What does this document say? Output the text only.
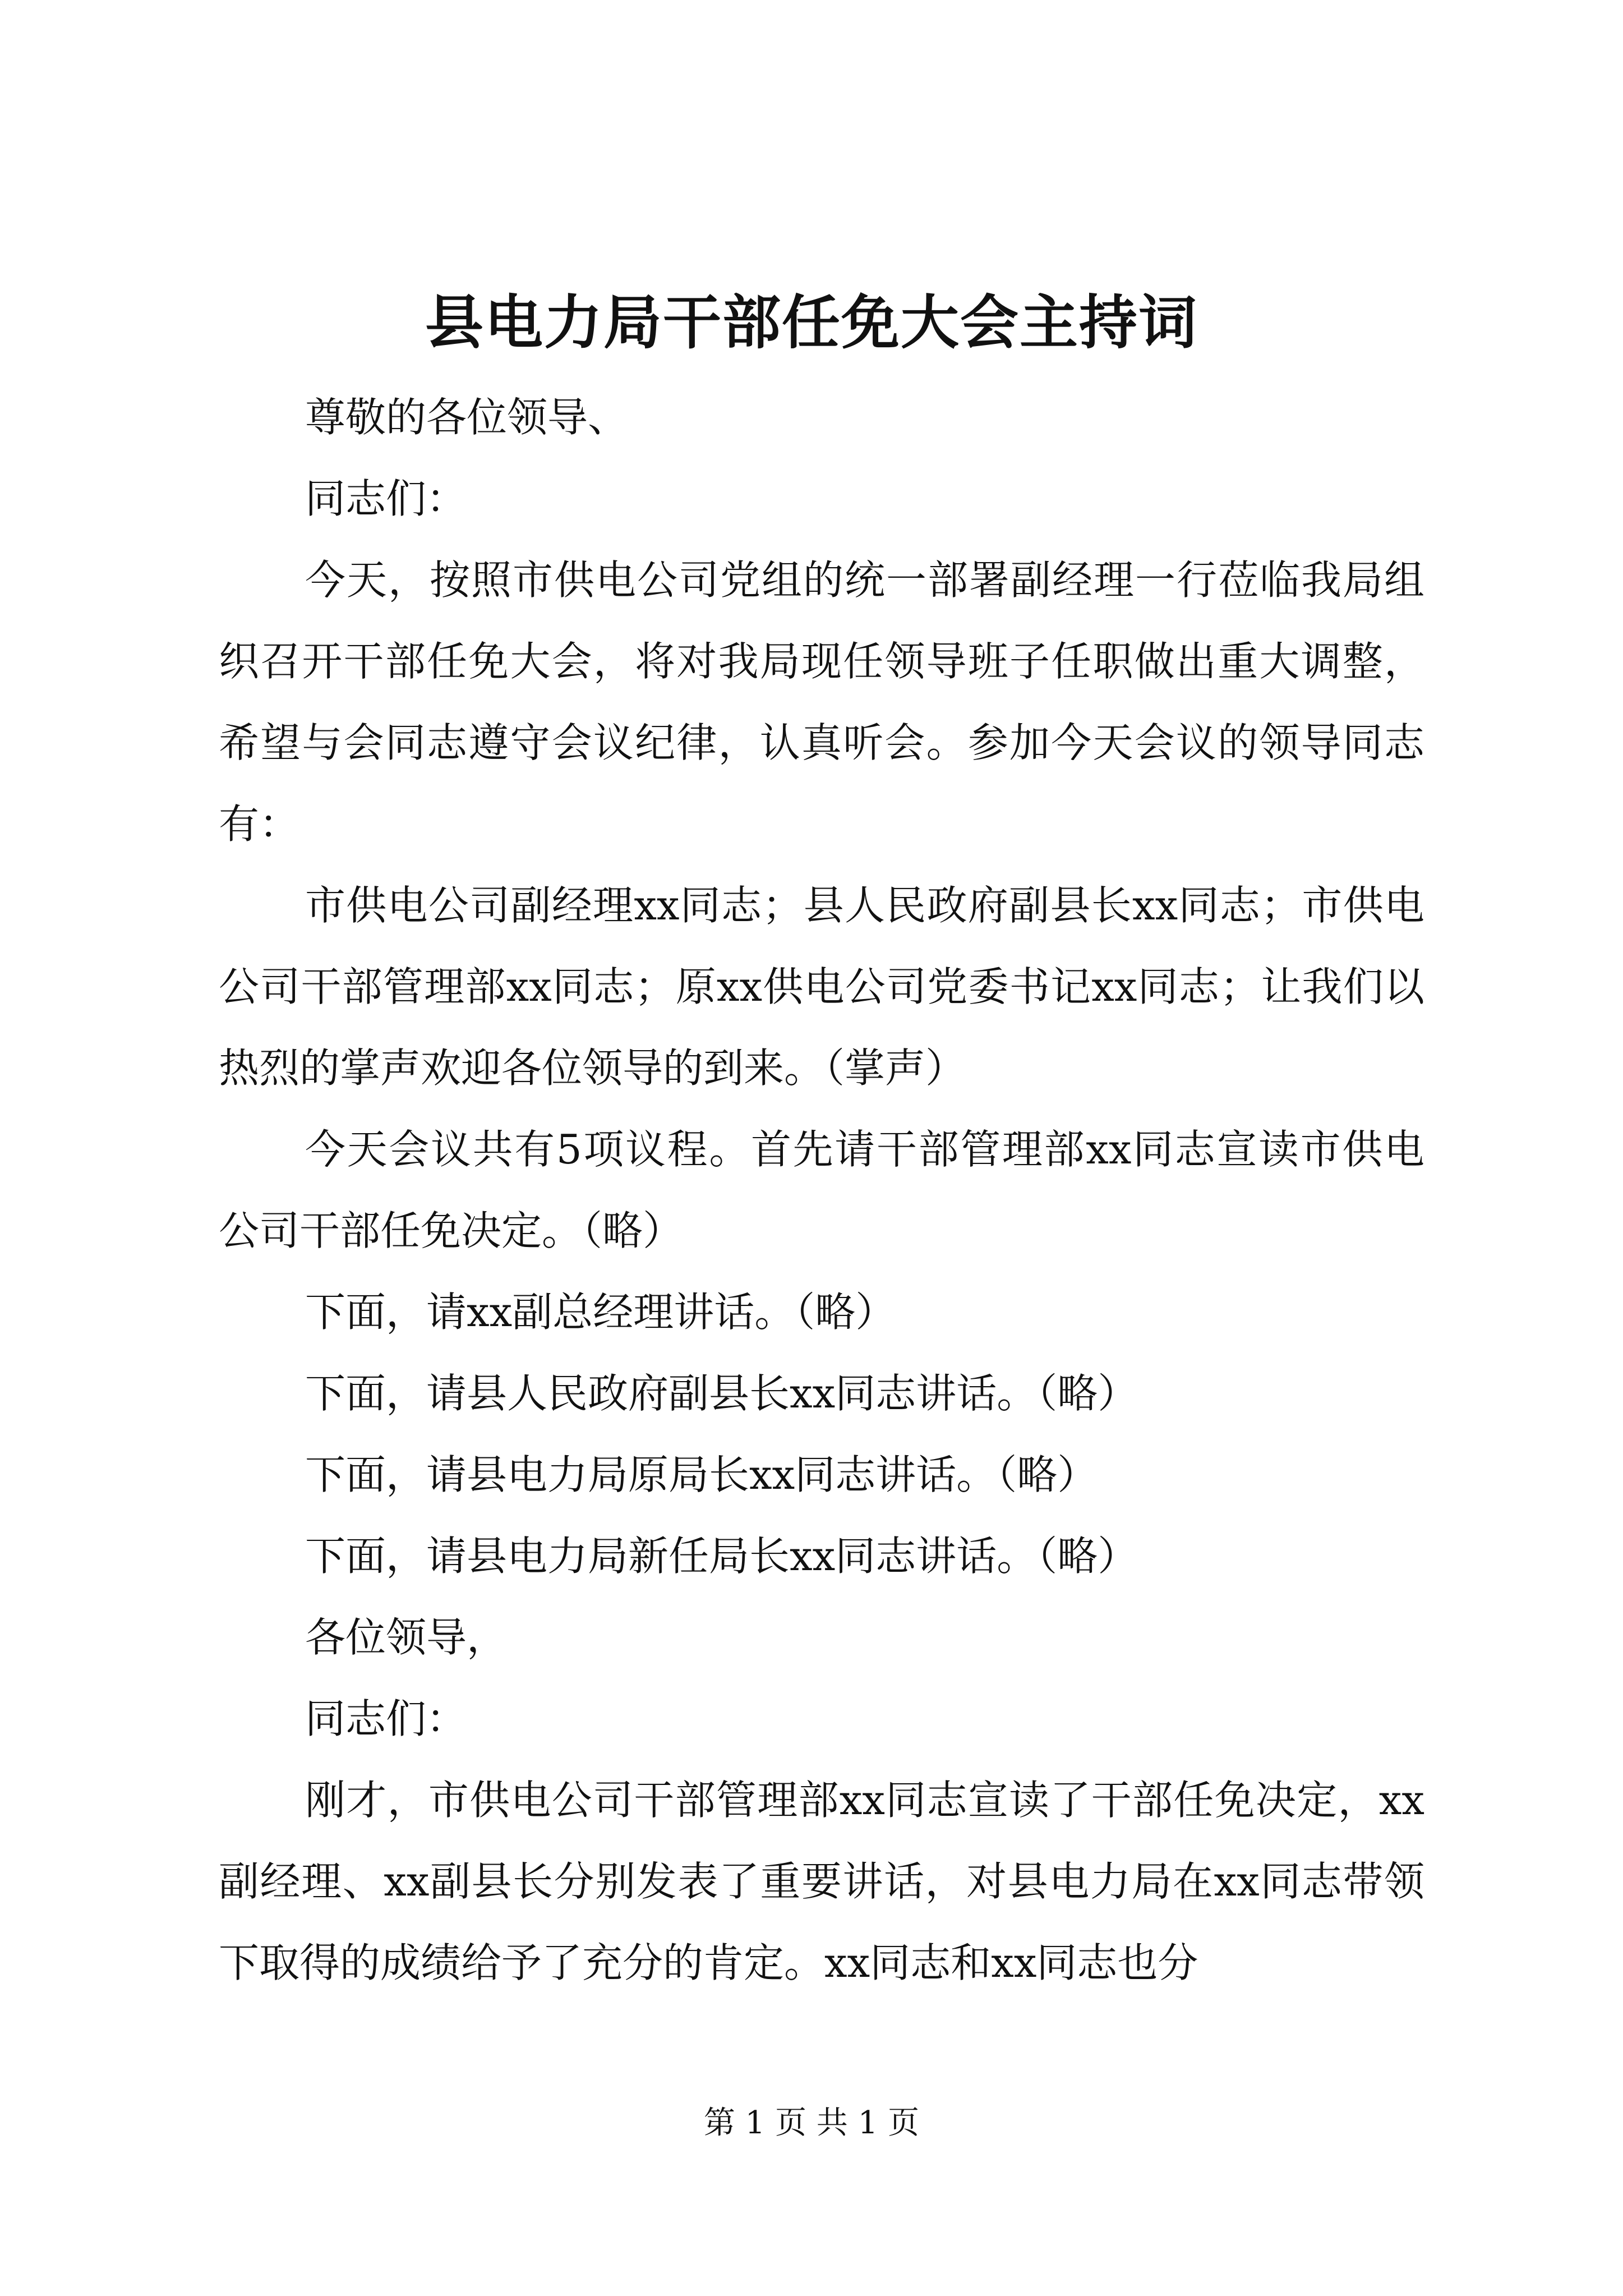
县电力局干部任免大会主持词

尊敬的各位领导、

同志们：

今天，按照市供电公司党组的统一部署副经理一行莅临我局组织召开干部任免大会，将对我局现任领导班子任职做出重大调整，希望与会同志遵守会议纪律，认真听会。参加今天会议的领导同志有：

市供电公司副经理xx同志；县人民政府副县长xx同志；市供电公司干部管理部xx同志；原xx供电公司党委书记xx同志；让我们以热烈的掌声欢迎各位领导的到来。（掌声）

今天会议共有5项议程。首先请干部管理部xx同志宣读市供电公司干部任免决定。（略）

下面，请xx副总经理讲话。（略）

下面，请县人民政府副县长xx同志讲话。（略）

下面，请县电力局原局长xx同志讲话。（略）

下面，请县电力局新任局长xx同志讲话。（略）

各位领导，

同志们：

刚才，市供电公司干部管理部xx同志宣读了干部任免决定，xx副经理、xx副县长分别发表了重要讲话，对县电力局在xx同志带领下取得的成绩给予了充分的肯定。xx同志和xx同志也分

第 1 页 共 1 页
